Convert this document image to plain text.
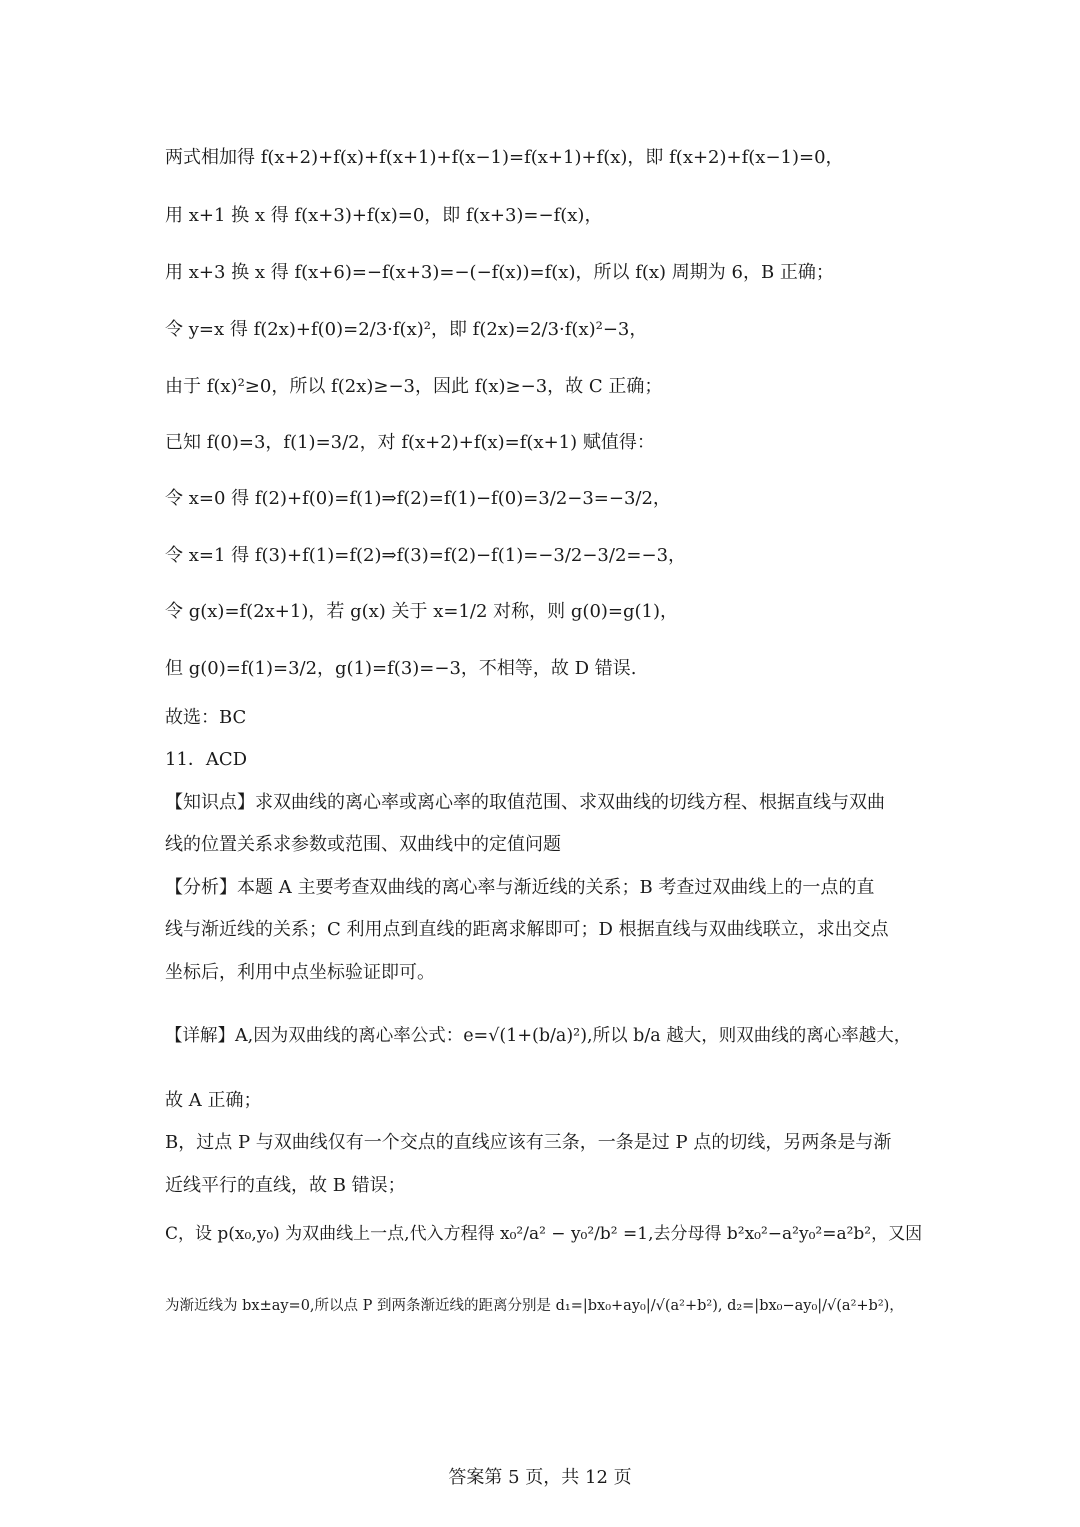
两式相加得 f(x+2)+f(x)+f(x+1)+f(x−1)=f(x+1)+f(x)，即 f(x+2)+f(x−1)=0，
用 x+1 换 x 得 f(x+3)+f(x)=0，即 f(x+3)=−f(x)，
用 x+3 换 x 得 f(x+6)=−f(x+3)=−(−f(x))=f(x)，所以 f(x) 周期为 6，B 正确；
令 y=x 得 f(2x)+f(0)=2/3·f(x)²，即 f(2x)=2/3·f(x)²−3，
由于 f(x)²≥0，所以 f(2x)≥−3，因此 f(x)≥−3，故 C 正确；
已知 f(0)=3，f(1)=3/2，对 f(x+2)+f(x)=f(x+1) 赋值得：
令 x=0 得 f(2)+f(0)=f(1)⇒f(2)=f(1)−f(0)=3/2−3=−3/2，
令 x=1 得 f(3)+f(1)=f(2)⇒f(3)=f(2)−f(1)=−3/2−3/2=−3，
令 g(x)=f(2x+1)，若 g(x) 关于 x=1/2 对称，则 g(0)=g(1)，
但 g(0)=f(1)=3/2，g(1)=f(3)=−3，不相等，故 D 错误.
故选：BC
11．ACD
【知识点】求双曲线的离心率或离心率的取值范围、求双曲线的切线方程、根据直线与双曲
线的位置关系求参数或范围、双曲线中的定值问题
【分析】本题 A 主要考查双曲线的离心率与渐近线的关系；B 考查过双曲线上的一点的直
线与渐近线的关系；C 利用点到直线的距离求解即可；D 根据直线与双曲线联立，求出交点
坐标后，利用中点坐标验证即可。
【详解】A,因为双曲线的离心率公式：e=√(1+(b/a)²),所以 b/a 越大，则双曲线的离心率越大，
故 A 正确；
B，过点 P 与双曲线仅有一个交点的直线应该有三条，一条是过 P 点的切线，另两条是与渐
近线平行的直线，故 B 错误；
C，设 p(x₀,y₀) 为双曲线上一点,代入方程得 x₀²/a² − y₀²/b² =1,去分母得 b²x₀²−a²y₀²=a²b²，又因
为渐近线为 bx±ay=0,所以点 P 到两条渐近线的距离分别是 d₁=|bx₀+ay₀|/√(a²+b²), d₂=|bx₀−ay₀|/√(a²+b²)，
答案第 5 页，共 12 页
